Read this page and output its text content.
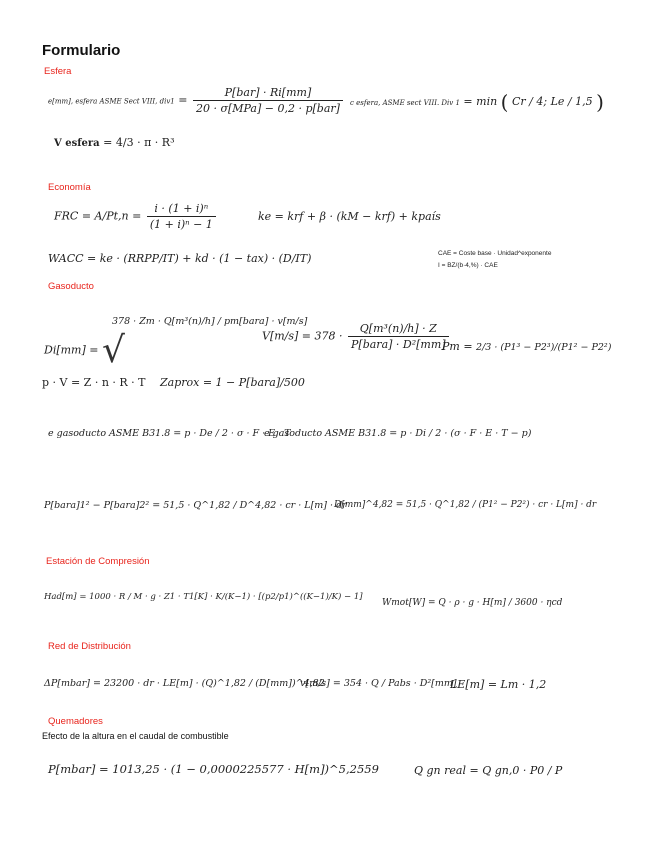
Formulario
Esfera
e[mm], esfera ASME Sect VIII, $div1 = \frac{\text{P[bar] · Ri[mm]}}{\text{20 · σ[MPa] − 0,2 · p[bar]}}$ c esfera, ASME sect VIII. Div 1 = min ( Cr / 4; Le / 1,5 )
V esfera = 4/3 · π · R³
Economía
FRC = $A/Pt,n = \frac{\text{i · (1 + i)ⁿ}}{\text{(1 + i)ⁿ − 1}}$	ke = krf + β · (kM − krf) + kpaís
WACC = ke · (RRPP/IT) + kd · (1 − tax) · (D/IT)	CAE = Coste base · Unidad^exponente
I = BZ/(b·4,%) · CAE
Gasoducto
Di[mm] = √
378 · Zm · Q[m³(n)/h] / pm[bara] · v[m/s]
$V[m/s] = 378 \cdot \frac{\text{Q[m³(n)/h] · Z}}{\text{P[bara] · D²[mm]}}$
Pm = 2/3 · (P1³ − P2³)/(P1² − P2²)
p · V = Z · n · R · T Zaprox = 1 − P[bara]/500
e gasoducto ASME B31.8 = p · De / 2 · σ · F · E · T
e gasoducto ASME B31.8 = p · Di / 2 · (σ · F · E · T − p)
P[bara]1² − P[bara]2² = 51,5 · Q^1,82 / D^4,82 · cr · L[m] · dr
D[mm]^4,82 = 51,5 · Q^1,82 / (P1² − P2²) · cr · L[m] · dr
Estación de Compresión
Had[m] = 1000 · R / M · g · Z1 · T1[K] · K/(K−1) · [(p2/p1)^((K−1)/K) − 1]
Wmot[W] = Q · ρ · g · H[m] / 3600 · ηcd
Red de Distribución
ΔP[mbar] = 23200 · dr · LE[m] · (Q)^1,82 / (D[mm])^4,82
v[m/s] = 354 · Q / Pabs · D²[mm]
LE[m] = Lm · 1,2
Quemadores
Efecto de la altura en el caudal de combustible
P[mbar] = 1013,25 · (1 − 0,0000225577 · H[m])^5,2559	Q gn real = Q gn,0 · P0 / P
